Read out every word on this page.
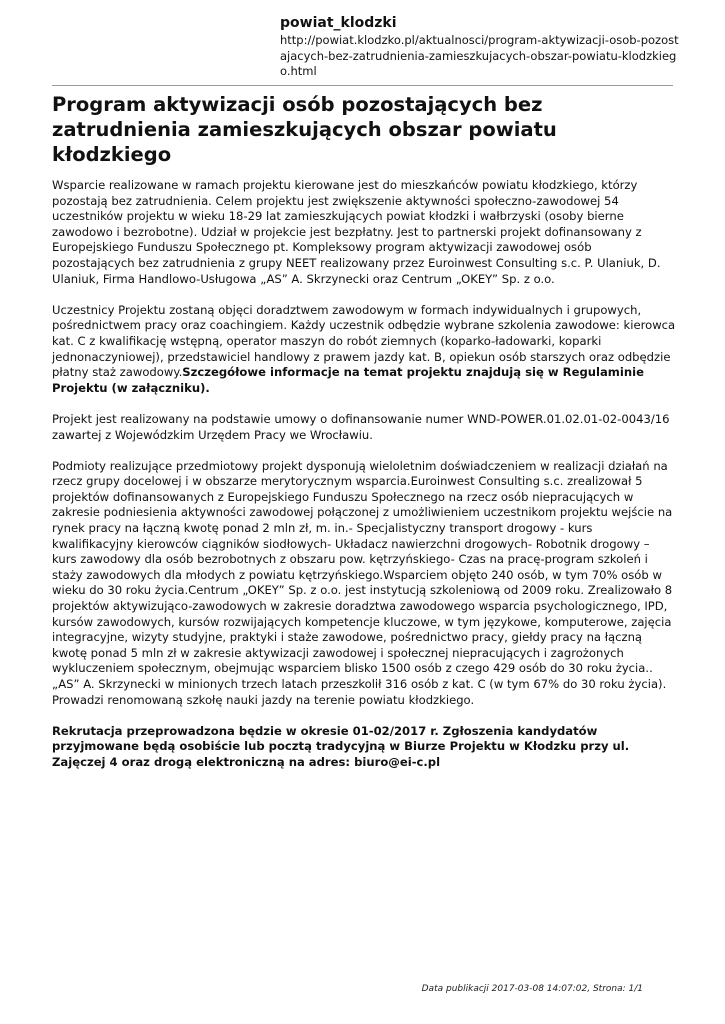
powiat_klodzki
http://powiat.klodzko.pl/aktualnosci/program-aktywizacji-osob-pozostajacych-bez-zatrudnienia-zamieszkujacych-obszar-powiatu-klodzkiego.html
Program aktywizacji osób pozostających bez zatrudnienia zamieszkujących obszar powiatu kłodzkiego

Wsparcie realizowane w ramach projektu kierowane jest do mieszkańców powiatu kłodzkiego, którzy pozostają bez zatrudnienia. Celem projektu jest zwiększenie aktywności społeczno-zawodowej 54 uczestników projektu w wieku 18-29 lat zamieszkujących powiat kłodzki i wałbrzyski (osoby bierne zawodowo i bezrobotne). Udział w projekcie jest bezpłatny. Jest to partnerski projekt dofinansowany z Europejskiego Funduszu Społecznego pt. Kompleksowy program aktywizacji zawodowej osób pozostających bez zatrudnienia z grupy NEET realizowany przez Euroinwest Consulting s.c. P. Ulaniuk, D. Ulaniuk, Firma Handlowo-Usługowa „AS” A. Skrzynecki oraz Centrum „OKEY” Sp. z o.o.

Uczestnicy Projektu zostaną objęci doradztwem zawodowym w formach indywidualnych i grupowych, pośrednictwem pracy oraz coachingiem. Każdy uczestnik odbędzie wybrane szkolenia zawodowe: kierowca kat. C z kwalifikację wstępną, operator maszyn do robót ziemnych (koparko-ładowarki, koparki jednonaczyniowej), przedstawiciel handlowy z prawem jazdy kat. B, opiekun osób starszych oraz odbędzie płatny staż zawodowy.Szczegółowe informacje na temat projektu znajdują się w Regulaminie Projektu (w załączniku).

Projekt jest realizowany na podstawie umowy o dofinansowanie numer WND-POWER.01.02.01-02-0043/16 zawartej z Wojewódzkim Urzędem Pracy we Wrocławiu.

Podmioty realizujące przedmiotowy projekt dysponują wieloletnim doświadczeniem w realizacji działań na rzecz grupy docelowej i w obszarze merytorycznym wsparcia.Euroinwest Consulting s.c. zrealizował 5 projektów dofinansowanych z Europejskiego Funduszu Społecznego na rzecz osób niepracujących w zakresie podniesienia aktywności zawodowej połączonej z umożliwieniem uczestnikom projektu wejście na rynek pracy na łączną kwotę ponad 2 mln zł, m. in.- Specjalistyczny transport drogowy - kurs kwalifikacyjny kierowców ciągników siodłowych- Układacz nawierzchni drogowych- Robotnik drogowy – kurs zawodowy dla osób bezrobotnych z obszaru pow. kętrzyńskiego- Czas na pracę-program szkoleń i staży zawodowych dla młodych z powiatu kętrzyńskiego.Wsparciem objęto 240 osób, w tym 70% osób w wieku do 30 roku życia.Centrum „OKEY” Sp. z o.o. jest instytucją szkoleniową od 2009 roku. Zrealizowało 8 projektów aktywizująco-zawodowych w zakresie doradztwa zawodowego wsparcia psychologicznego, IPD, kursów zawodowych, kursów rozwijających kompetencje kluczowe, w tym językowe, komputerowe, zajęcia integracyjne, wizyty studyjne, praktyki i staże zawodowe, pośrednictwo pracy, giełdy pracy na łączną kwotę ponad 5 mln zł w zakresie aktywizacji zawodowej i społecznej niepracujących i zagrożonych wykluczeniem społecznym, obejmując wsparciem blisko 1500 osób z czego 429 osób do 30 roku życia..„AS” A. Skrzynecki w minionych trzech latach przeszkolił 316 osób z kat. C (w tym 67% do 30 roku życia). Prowadzi renomowaną szkołę nauki jazdy na terenie powiatu kłodzkiego.

Rekrutacja przeprowadzona będzie w okresie 01-02/2017 r. Zgłoszenia kandydatów przyjmowane będą osobiście lub pocztą tradycyjną w Biurze Projektu w Kłodzku przy ul. Zajęczej 4 oraz drogą elektroniczną na adres: biuro@ei-c.pl

Data publikacji 2017-03-08 14:07:02, Strona: 1/1
